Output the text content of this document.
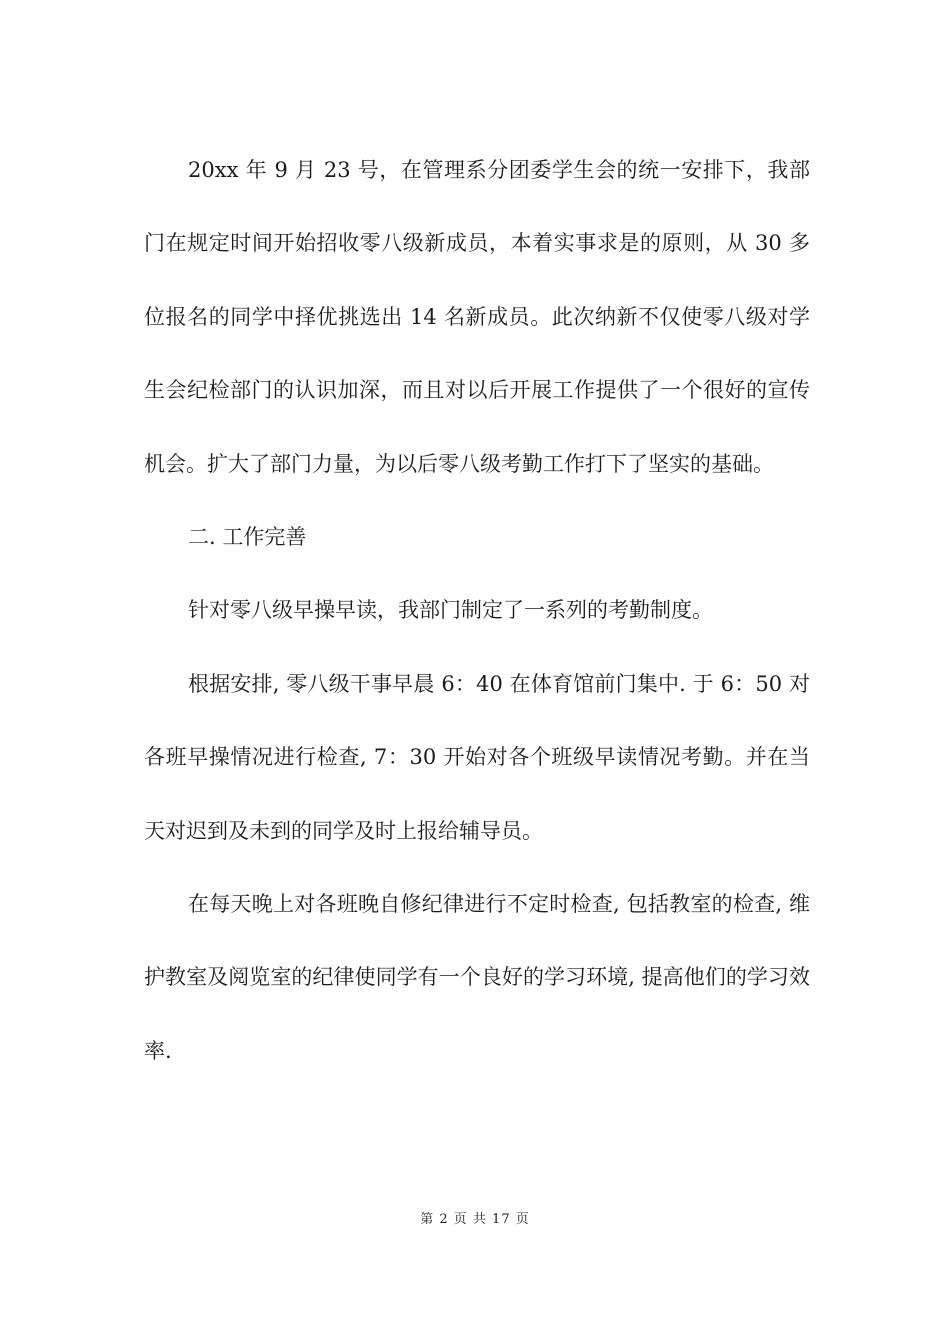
20xx 年 9 月 23 号，在管理系分团委学生会的统一安排下，我部门在规定时间开始招收零八级新成员，本着实事求是的原则，从 30 多位报名的同学中择优挑选出 14 名新成员。此次纳新不仅使零八级对学生会纪检部门的认识加深，而且对以后开展工作提供了一个很好的宣传机会。扩大了部门力量，为以后零八级考勤工作打下了坚实的基础。

二. 工作完善

针对零八级早操早读，我部门制定了一系列的考勤制度。

根据安排, 零八级干事早晨 6：40 在体育馆前门集中. 于 6：50 对各班早操情况进行检查, 7：30 开始对各个班级早读情况考勤。并在当天对迟到及未到的同学及时上报给辅导员。

在每天晚上对各班晚自修纪律进行不定时检查, 包括教室的检查, 维护教室及阅览室的纪律使同学有一个良好的学习环境, 提高他们的学习效率.

第 2 页 共 17 页
